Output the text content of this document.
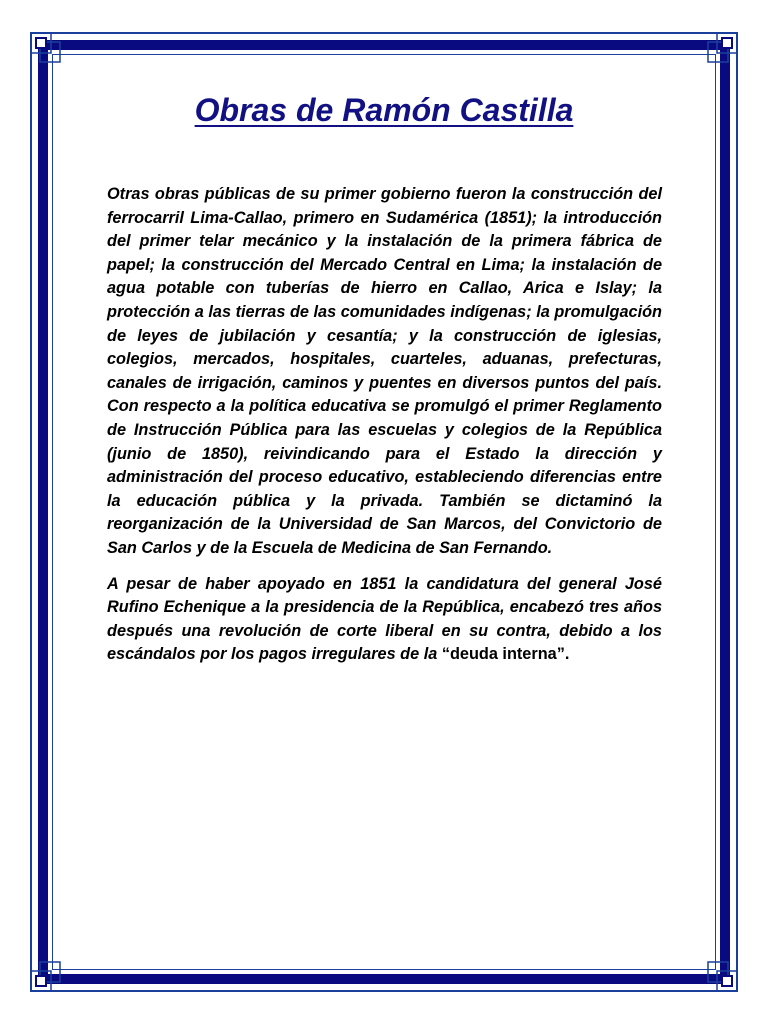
Obras de Ramón Castilla

Otras obras públicas de su primer gobierno fueron la construcción del ferrocarril Lima-Callao, primero en Sudamérica (1851); la introducción del primer telar mecánico y la instalación de la primera fábrica de papel; la construcción del Mercado Central en Lima; la instalación de agua potable con tuberías de hierro en Callao, Arica e Islay; la protección a las tierras de las comunidades indígenas; la promulgación de leyes de jubilación y cesantía; y la construcción de iglesias, colegios, mercados, hospitales, cuarteles, aduanas, prefecturas, canales de irrigación, caminos y puentes en diversos puntos del país. Con respecto a la política educativa se promulgó el primer Reglamento de Instrucción Pública para las escuelas y colegios de la República (junio de 1850), reivindicando para el Estado la dirección y administración del proceso educativo, estableciendo diferencias entre la educación pública y la privada. También se dictaminó la reorganización de la Universidad de San Marcos, del Convictorio de San Carlos y de la Escuela de Medicina de San Fernando.

A pesar de haber apoyado en 1851 la candidatura del general José Rufino Echenique a la presidencia de la República, encabezó tres años después una revolución de corte liberal en su contra, debido a los escándalos por los pagos irregulares de la “deuda interna”.
